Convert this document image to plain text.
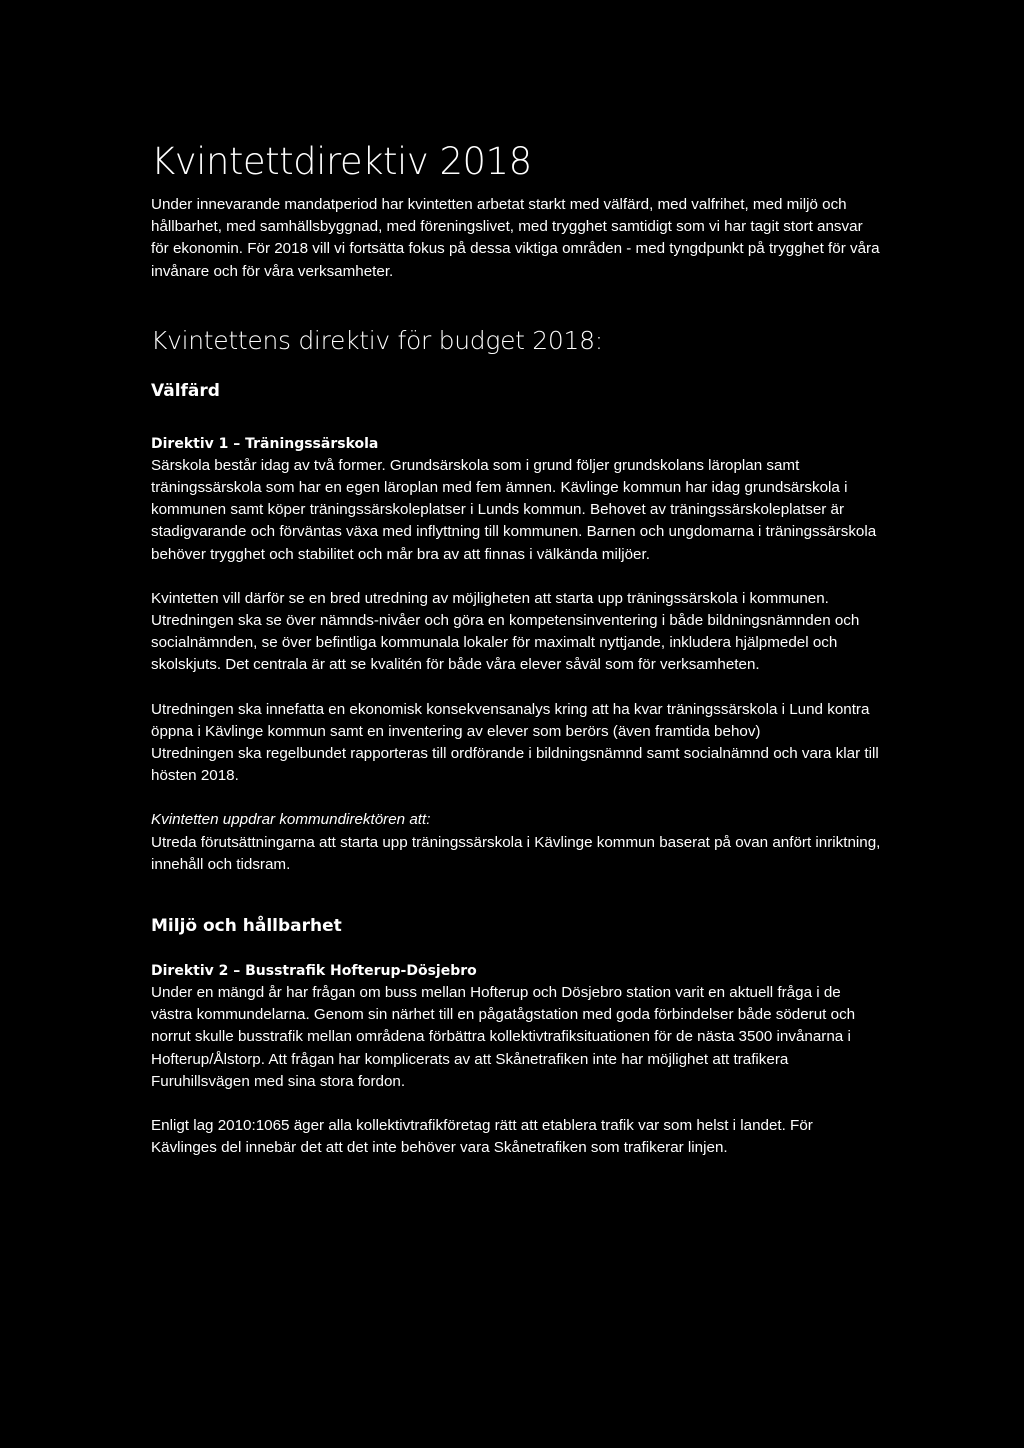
Kvintettdirektiv 2018

Under innevarande mandatperiod har kvintetten arbetat starkt med välfärd, med valfrihet, med miljö och hållbarhet, med samhällsbyggnad, med föreningslivet, med trygghet samtidigt som vi har tagit stort ansvar för ekonomin. För 2018 vill vi fortsätta fokus på dessa viktiga områden - med tyngdpunkt på trygghet för våra invånare och för våra verksamheter.

Kvintettens direktiv för budget 2018:
Välfärd
Direktiv 1 – Träningssärskola

Särskola består idag av två former. Grundsärskola som i grund följer grundskolans läroplan samt träningssärskola som har en egen läroplan med fem ämnen. Kävlinge kommun har idag grundsärskola i kommunen samt köper träningssärskoleplatser i Lunds kommun. Behovet av träningssärskoleplatser är stadigvarande och förväntas växa med inflyttning till kommunen. Barnen och ungdomarna i träningssärskola behöver trygghet och stabilitet och mår bra av att finnas i välkända miljöer.

Kvintetten vill därför se en bred utredning av möjligheten att starta upp träningssärskola i kommunen. Utredningen ska se över nämnds-nivåer och göra en kompetensinventering i både bildningsnämnden och socialnämnden, se över befintliga kommunala lokaler för maximalt nyttjande, inkludera hjälpmedel och skolskjuts. Det centrala är att se kvalitén för både våra elever såväl som för verksamheten.

Utredningen ska innefatta en ekonomisk konsekvensanalys kring att ha kvar träningssärskola i Lund kontra öppna i Kävlinge kommun samt en inventering av elever som berörs (även framtida behov)

Utredningen ska regelbundet rapporteras till ordförande i bildningsnämnd samt socialnämnd och vara klar till hösten 2018.

Kvintetten uppdrar kommundirektören att:

Utreda förutsättningarna att starta upp träningssärskola i Kävlinge kommun baserat på ovan anfört inriktning, innehåll och tidsram.

Miljö och hållbarhet
Direktiv 2 – Busstrafik Hofterup-Dösjebro

Under en mängd år har frågan om buss mellan Hofterup och Dösjebro station varit en aktuell fråga i de västra kommundelarna. Genom sin närhet till en pågatågstation med goda förbindelser både söderut och norrut skulle busstrafik mellan områdena förbättra kollektivtrafiksituationen för de nästa 3500 invånarna i Hofterup/Ålstorp. Att frågan har komplicerats av att Skånetrafiken inte har möjlighet att trafikera Furuhillsvägen med sina stora fordon.

Enligt lag 2010:1065 äger alla kollektivtrafikföretag rätt att etablera trafik var som helst i landet. För Kävlinges del innebär det att det inte behöver vara Skånetrafiken som trafikerar linjen.
